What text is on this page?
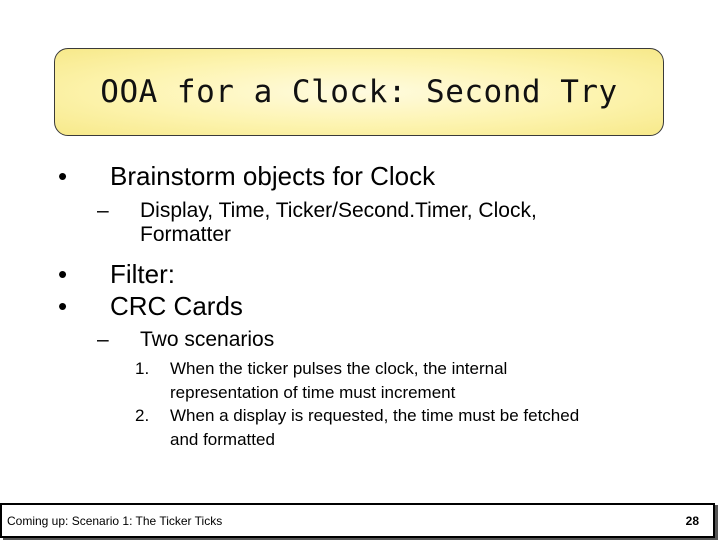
OOA for a Clock: Second Try
• Brainstorm objects for Clock
– Display, Time, Ticker/Second.Timer, Clock,
Formatter
• Filter:
• CRC Cards
– Two scenarios
1. When the ticker pulses the clock, the internal
representation of time must increment
2. When a display is requested, the time must be fetched
and formatted
Coming up: Scenario 1: The Ticker Ticks	28
